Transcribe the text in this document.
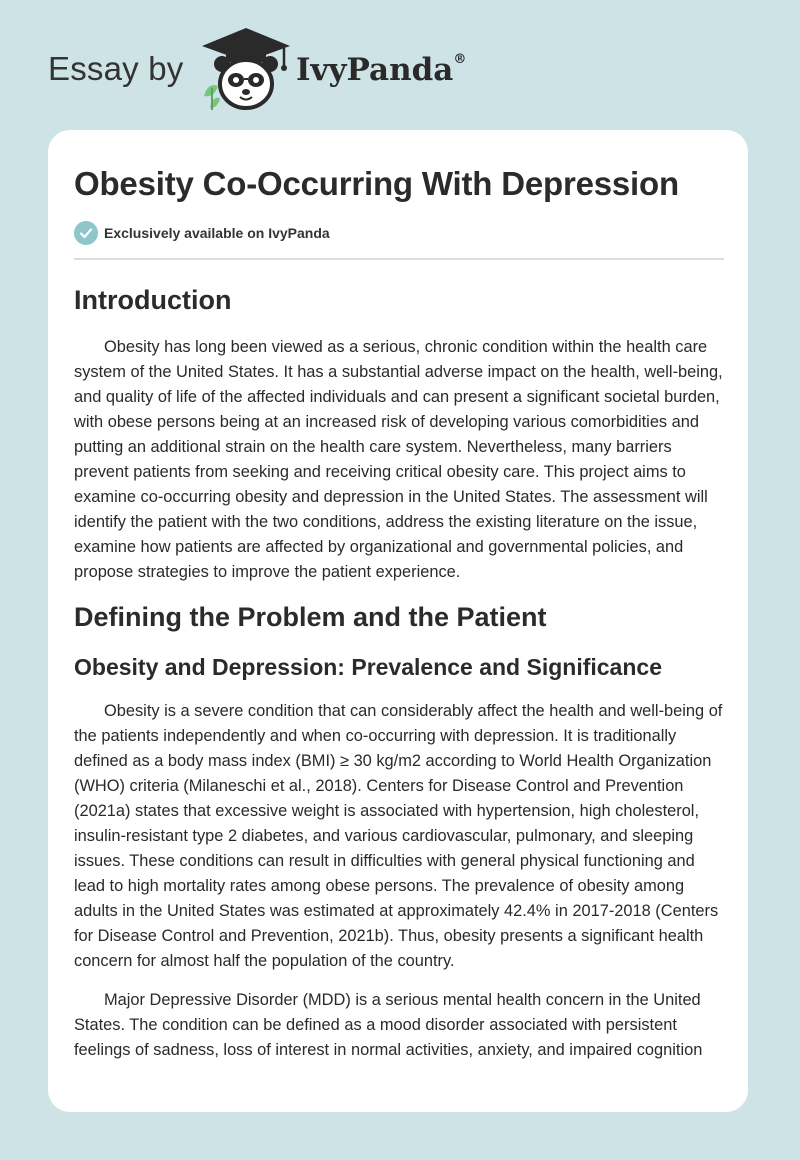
Essay by	IvyPanda®
Obesity Co-Occurring With Depression
Exclusively available on IvyPanda
Introduction

Obesity has long been viewed as a serious, chronic condition within the health care system of the United States. It has a substantial adverse impact on the health, well-being, and quality of life of the affected individuals and can present a significant societal burden, with obese persons being at an increased risk of developing various comorbidities and putting an additional strain on the health care system. Nevertheless, many barriers prevent patients from seeking and receiving critical obesity care. This project aims to examine co-occurring obesity and depression in the United States. The assessment will identify the patient with the two conditions, address the existing literature on the issue, examine how patients are affected by organizational and governmental policies, and propose strategies to improve the patient experience.

Defining the Problem and the Patient
Obesity and Depression: Prevalence and Significance

Obesity is a severe condition that can considerably affect the health and well-being of the patients independently and when co-occurring with depression. It is traditionally defined as a body mass index (BMI) ≥ 30 kg/m2 according to World Health Organization (WHO) criteria (Milaneschi et al., 2018). Centers for Disease Control and Prevention (2021a) states that excessive weight is associated with hypertension, high cholesterol, insulin-resistant type 2 diabetes, and various cardiovascular, pulmonary, and sleeping issues. These conditions can result in difficulties with general physical functioning and lead to high mortality rates among obese persons. The prevalence of obesity among adults in the United States was estimated at approximately 42.4% in 2017-2018 (Centers for Disease Control and Prevention, 2021b). Thus, obesity presents a significant health concern for almost half the population of the country.

Major Depressive Disorder (MDD) is a serious mental health concern in the United States. The condition can be defined as a mood disorder associated with persistent feelings of sadness, loss of interest in normal activities, anxiety, and impaired cognition
